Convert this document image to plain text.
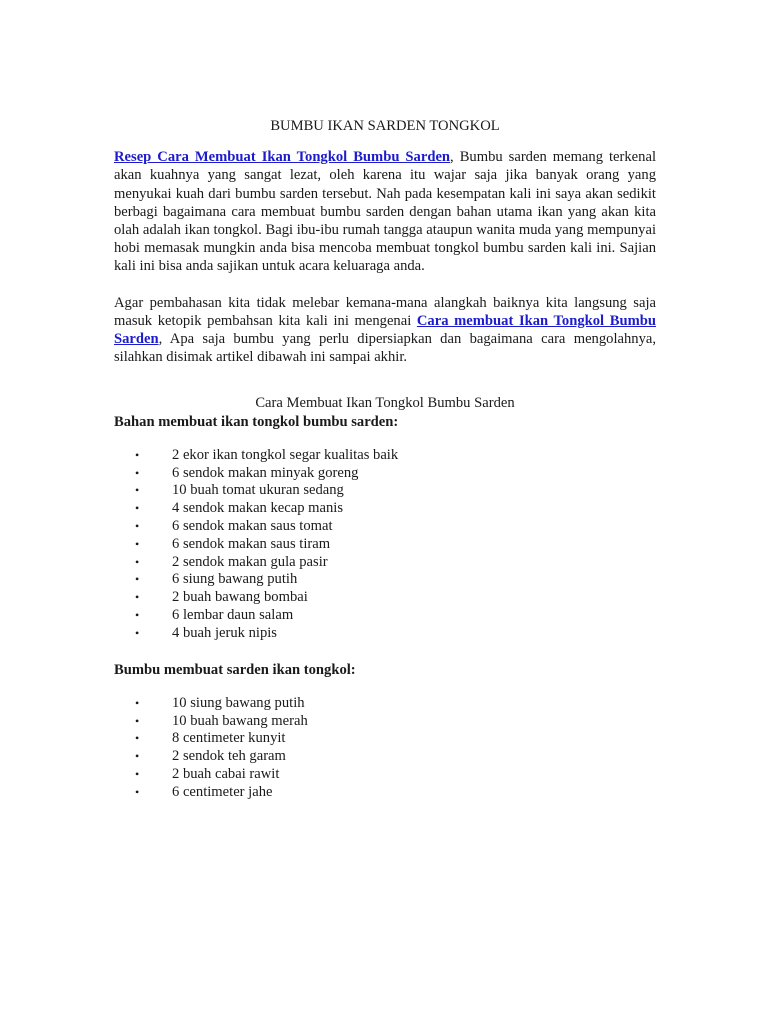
BUMBU IKAN SARDEN TONGKOL

Resep Cara Membuat Ikan Tongkol Bumbu Sarden, Bumbu sarden memang terkenal akan kuahnya yang sangat lezat, oleh karena itu wajar saja jika banyak orang yang menyukai kuah dari bumbu sarden tersebut. Nah pada kesempatan kali ini saya akan sedikit berbagi bagaimana cara membuat bumbu sarden dengan bahan utama ikan yang akan kita olah adalah ikan tongkol. Bagi ibu-ibu rumah tangga ataupun wanita muda yang mempunyai hobi memasak mungkin anda bisa mencoba membuat tongkol bumbu sarden kali ini. Sajian kali ini bisa anda sajikan untuk acara keluaraga anda.

Agar pembahasan kita tidak melebar kemana-mana alangkah baiknya kita langsung saja masuk ketopik pembahsan kita kali ini mengenai Cara membuat Ikan Tongkol Bumbu Sarden, Apa saja bumbu yang perlu dipersiapkan dan bagaimana cara mengolahnya, silahkan disimak artikel dibawah ini sampai akhir.

Cara Membuat Ikan Tongkol Bumbu Sarden
Bahan membuat ikan tongkol bumbu sarden:
• 2 ekor ikan tongkol segar kualitas baik
• 6 sendok makan minyak goreng
• 10 buah tomat ukuran sedang
• 4 sendok makan kecap manis
• 6 sendok makan saus tomat
• 6 sendok makan saus tiram
• 2 sendok makan gula pasir
• 6 siung bawang putih
• 2 buah bawang bombai
• 6 lembar daun salam
• 4 buah jeruk nipis
Bumbu membuat sarden ikan tongkol:
• 10 siung bawang putih
• 10 buah bawang merah
• 8 centimeter kunyit
• 2 sendok teh garam
• 2 buah cabai rawit
• 6 centimeter jahe
